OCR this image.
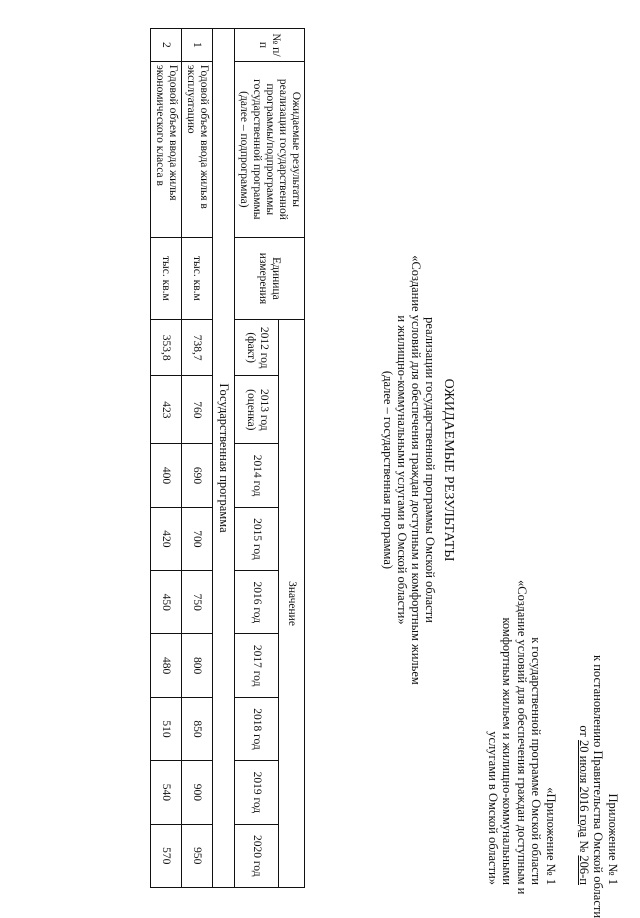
Приложение № 1
к постановлению Правительства Омской области
от 20 июля 2016 года № 206-п
«Приложение № 1
к государственной программе Омской области
«Создание условий для обеспечения граждан доступным и
комфортным жильем и жилищно-коммунальными
услугами в Омской области»
ОЖИДАЕМЫЕ РЕЗУЛЬТАТЫ
реализации государственной программы Омской области
«Создание условий для обеспечения граждан доступным и комфортным жильем
и жилищно-коммунальными услугами в Омской области»
(далее – государственная программа)
№ п/п	Ожидаемые результаты реализации государственной программы/подпрограммы государственной программы (далее – подпрограмма)	Единица измерения	Значение								
			2012 год (факт)	2013 год (оценка)	2014 год	2015 год	2016 год	2017 год	2018 год	2019 год	2020 год
Государственная программа											
1	Годовой объем ввода жилья в эксплуатацию	тыс. кв.м	738,7	760	690	700	750	800	850	900	950
2	Годовой объем ввода жилья экономического класса в	тыс. кв.м	353,8	423	400	420	450	480	510	540	570
